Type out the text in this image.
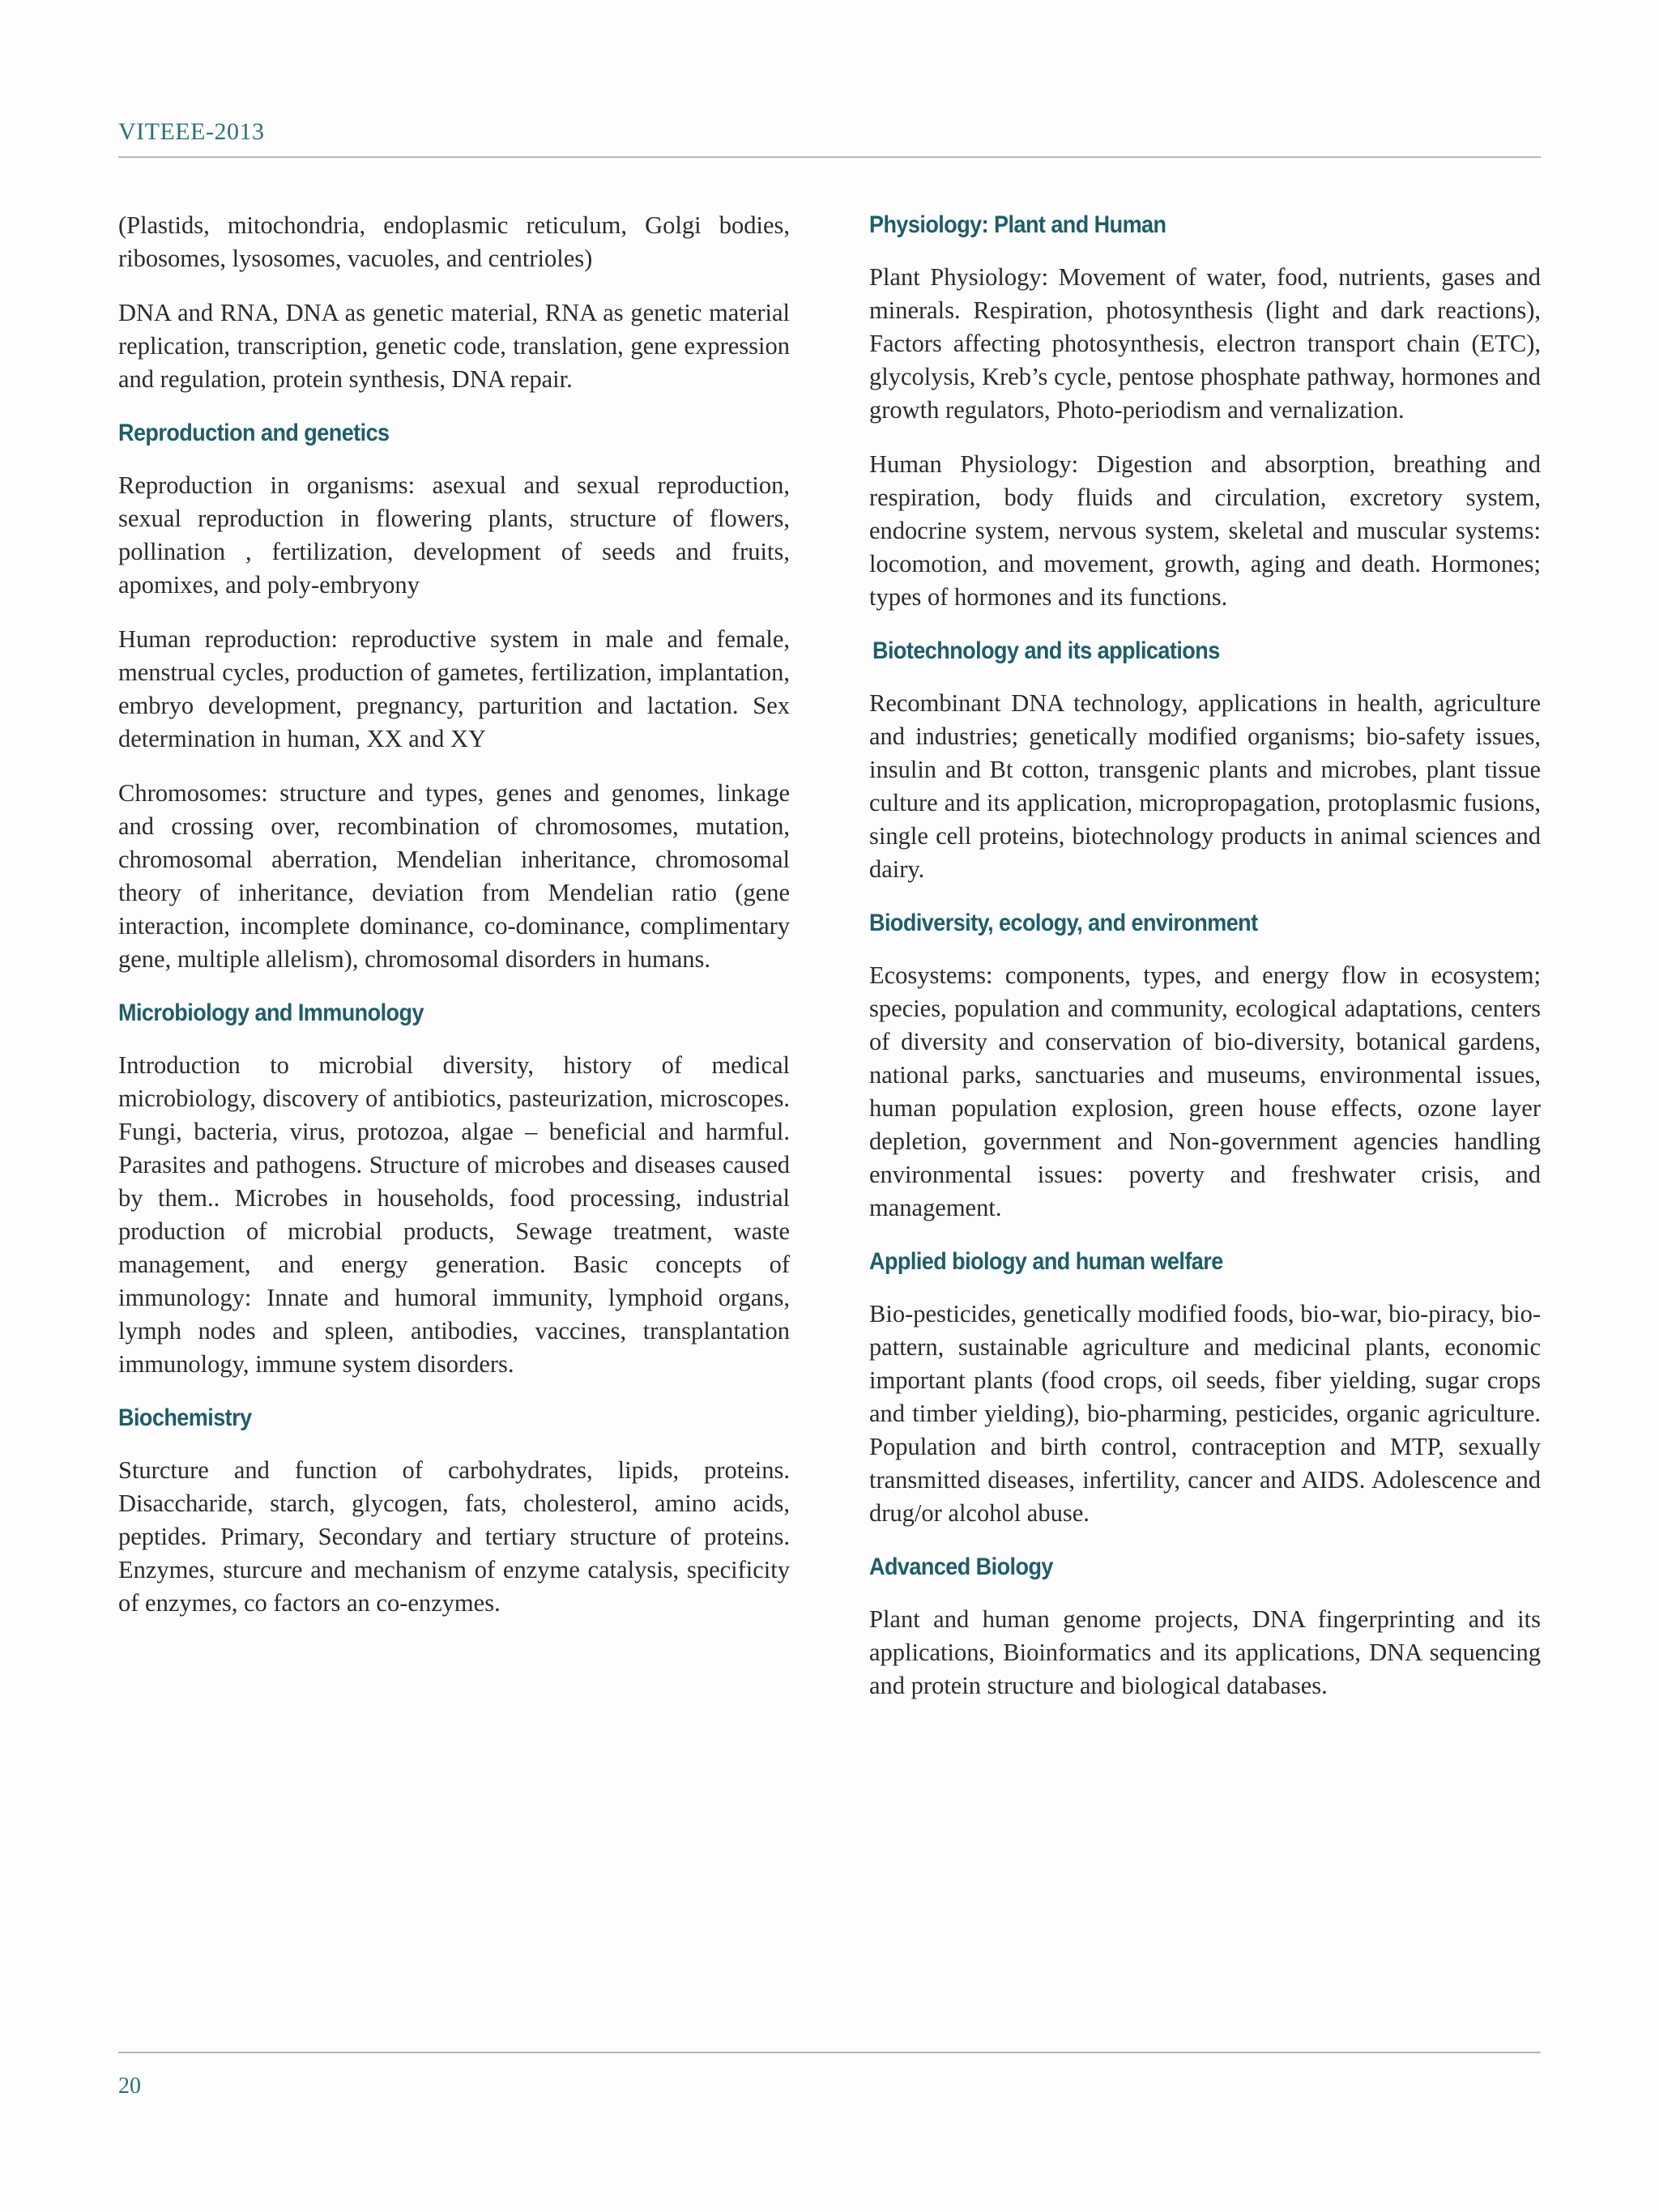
VITEEE-2013

(Plastids, mitochondria, endoplasmic reticulum, Golgi bodies, ribosomes, lysosomes, vacuoles, and centrioles)

DNA and RNA, DNA as genetic material, RNA as genetic material replication, transcription, genetic code, translation, gene expression and regulation, protein synthesis, DNA repair.

Reproduction and genetics

Reproduction in organisms: asexual and sexual reproduction, sexual reproduction in flowering plants, structure of flowers, pollination , fertilization, development of seeds and fruits, apomixes, and poly-embryony

Human reproduction: reproductive system in male and female, menstrual cycles, production of gametes, fertilization, implantation, embryo development, pregnancy, parturition and lactation. Sex determination in human, XX and XY

Chromosomes: structure and types, genes and genomes, linkage and crossing over, recombination of chromosomes, mutation, chromosomal aberration, Mendelian inheritance, chromosomal theory of inheritance, deviation from Mendelian ratio (gene interaction, incomplete dominance, co-dominance, complimentary gene, multiple allelism), chromosomal disorders in humans.

Microbiology and Immunology

Introduction to microbial diversity, history of medical microbiology, discovery of antibiotics, pasteurization, microscopes. Fungi, bacteria, virus, protozoa, algae – beneficial and harmful. Parasites and pathogens. Structure of microbes and diseases caused by them.. Microbes in households, food processing, industrial production of microbial products, Sewage treatment, waste management, and energy generation. Basic concepts of immunology: Innate and humoral immunity, lymphoid organs, lymph nodes and spleen, antibodies, vaccines, transplantation immunology, immune system disorders.

Biochemistry

Sturcture and function of carbohydrates, lipids, proteins. Disaccharide, starch, glycogen, fats, cholesterol, amino acids, peptides. Primary, Secondary and tertiary structure of proteins. Enzymes, sturcure and mechanism of enzyme catalysis, specificity of enzymes, co factors an co-enzymes.

Physiology: Plant and Human

Plant Physiology: Movement of water, food, nutrients, gases and minerals. Respiration, photosynthesis (light and dark reactions), Factors affecting photosynthesis, electron transport chain (ETC), glycolysis, Kreb’s cycle, pentose phosphate pathway, hormones and growth regulators, Photo-periodism and vernalization.

Human Physiology: Digestion and absorption, breathing and respiration, body fluids and circulation, excretory system, endocrine system, nervous system, skeletal and muscular systems: locomotion, and movement, growth, aging and death. Hormones; types of hormones and its functions.

Biotechnology and its applications

Recombinant DNA technology, applications in health, agriculture and industries; genetically modified organisms; bio-safety issues, insulin and Bt cotton, transgenic plants and microbes, plant tissue culture and its application, micropropagation, protoplasmic fusions, single cell proteins, biotechnology products in animal sciences and dairy.

Biodiversity, ecology, and environment

Ecosystems: components, types, and energy flow in ecosystem; species, population and community, ecological adaptations, centers of diversity and conservation of bio-diversity, botanical gardens, national parks, sanctuaries and museums, environmental issues, human population explosion, green house effects, ozone layer depletion, government and Non-government agencies handling environmental issues: poverty and freshwater crisis, and management.

Applied biology and human welfare

Bio-pesticides, genetically modified foods, bio-war, bio-piracy, bio-pattern, sustainable agriculture and medicinal plants, economic important plants (food crops, oil seeds, fiber yielding, sugar crops and timber yielding), bio-pharming, pesticides, organic agriculture. Population and birth control, contraception and MTP, sexually transmitted diseases, infertility, cancer and AIDS. Adolescence and drug/or alcohol abuse.

Advanced Biology

Plant and human genome projects, DNA fingerprinting and its applications, Bioinformatics and its applications, DNA sequencing and protein structure and biological databases.

20
